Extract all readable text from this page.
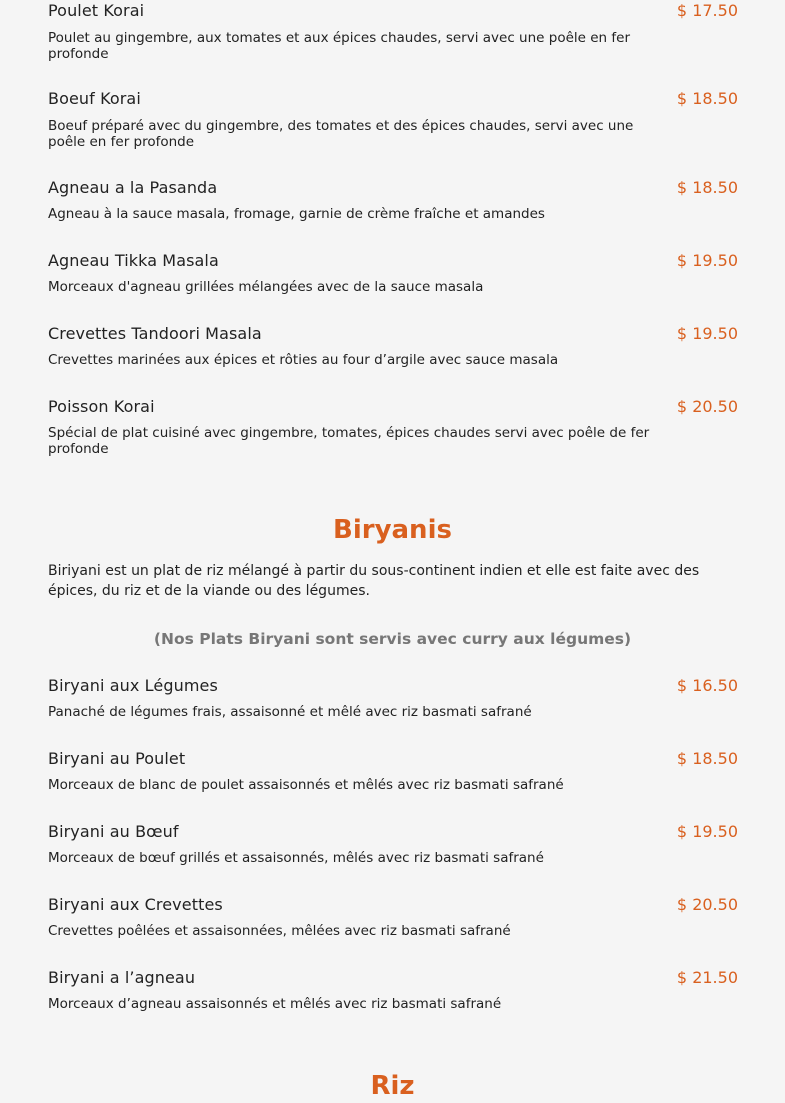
Poulet Korai	$ 17.50
Poulet au gingembre, aux tomates et aux épices chaudes, servi avec une poêle en fer profonde
Boeuf Korai	$ 18.50
Boeuf préparé avec du gingembre, des tomates et des épices chaudes, servi avec une poêle en fer profonde
Agneau a la Pasanda	$ 18.50
Agneau à la sauce masala, fromage, garnie de crème fraîche et amandes
Agneau Tikka Masala	$ 19.50
Morceaux d'agneau grillées mélangées avec de la sauce masala
Crevettes Tandoori Masala	$ 19.50
Crevettes marinées aux épices et rôties au four d’argile avec sauce masala
Poisson Korai	$ 20.50
Spécial de plat cuisiné avec gingembre, tomates, épices chaudes servi avec poêle de fer profonde
Biryanis
Biriyani est un plat de riz mélangé à partir du sous-continent indien et elle est faite avec des épices, du riz et de la viande ou des légumes.
(Nos Plats Biryani sont servis avec curry aux légumes)
Biryani aux Légumes	$ 16.50
Panaché de légumes frais, assaisonné et mêlé avec riz basmati safrané
Biryani au Poulet	$ 18.50
Morceaux de blanc de poulet assaisonnés et mêlés avec riz basmati safrané
Biryani au Bœuf	$ 19.50
Morceaux de bœuf grillés et assaisonnés, mêlés avec riz basmati safrané
Biryani aux Crevettes	$ 20.50
Crevettes poêlées et assaisonnées, mêlées avec riz basmati safrané
Biryani a l’agneau	$ 21.50
Morceaux d’agneau assaisonnés et mêlés avec riz basmati safrané
Riz
